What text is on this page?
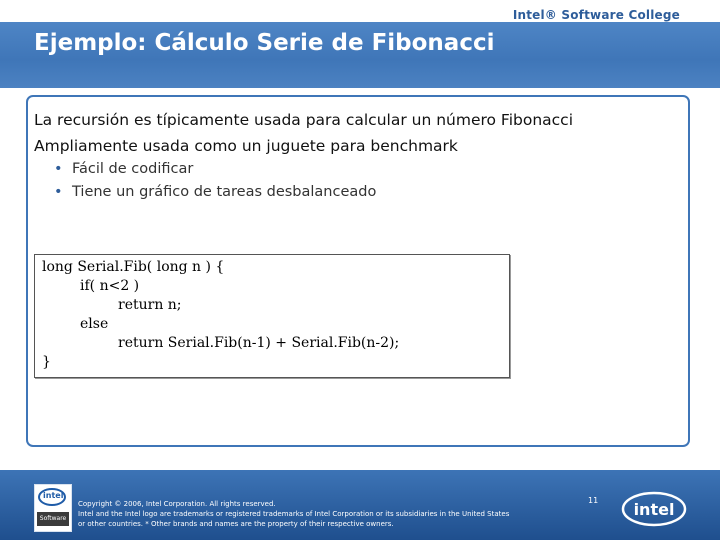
Intel® Software College
Ejemplo: Cálculo Serie de Fibonacci
La recursión es típicamente usada para calcular un número Fibonacci
Ampliamente usada como un juguete para benchmark
• Fácil de codificar
• Tiene un gráfico de tareas desbalanceado
long Serial.Fib( long n ) {
if( n<2 )
return n;
else
return Serial.Fib(n-1) + Serial.Fib(n-2);
}
intel
Software
Copyright © 2006, Intel Corporation. All rights reserved.
Intel and the Intel logo are trademarks or registered trademarks of Intel Corporation or its subsidiaries in the United States
or other countries. * Other brands and names are the property of their respective owners.
11 intel
